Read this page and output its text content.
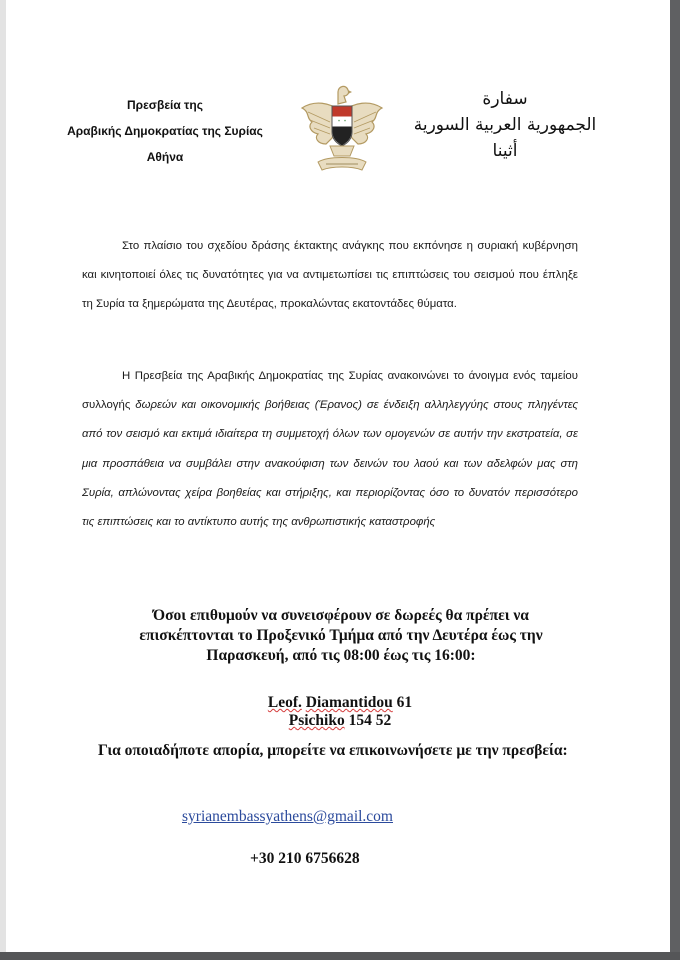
Πρεσβεία της
Αραβικής Δημοκρατίας της Συρίας
Αθήνα
سفارة
الجمهورية العربية السورية
أثينا
Στο πλαίσιο του σχεδίου δράσης έκτακτης ανάγκης που εκπόνησε η συριακή κυβέρνηση και κινητοποιεί όλες τις δυνατότητες για να αντιμετωπίσει τις επιπτώσεις του σεισμού που έπληξε τη Συρία τα ξημερώματα της Δευτέρας, προκαλώντας εκατοντάδες θύματα.
Η Πρεσβεία της Αραβικής Δημοκρατίας της Συρίας ανακοινώνει το άνοιγμα ενός ταμείου συλλογής δωρεών και οικονομικής βοήθειας (Έρανος) σε ένδειξη αλληλεγγύης στους πληγέντες από τον σεισμό και εκτιμά ιδιαίτερα τη συμμετοχή όλων των ομογενών σε αυτήν την εκστρατεία, σε μια προσπάθεια να συμβάλει στην ανακούφιση των δεινών του λαού και των αδελφών μας στη Συρία, απλώνοντας χείρα βοηθείας και στήριξης, και περιορίζοντας όσο το δυνατόν περισσότερο τις επιπτώσεις και το αντίκτυπο αυτής της ανθρωπιστικής καταστροφής
Όσοι επιθυμούν να συνεισφέρουν σε δωρεές θα πρέπει να επισκέπτονται το Προξενικό Τμήμα από την Δευτέρα έως την Παρασκευή, από τις 08:00 έως τις 16:00:
Leof. Diamantidou 61
Psichiko 154 52
Για οποιαδήποτε απορία, μπορείτε να επικοινωνήσετε με την πρεσβεία:
syrianembassyathens@gmail.com
+30 210 6756628
